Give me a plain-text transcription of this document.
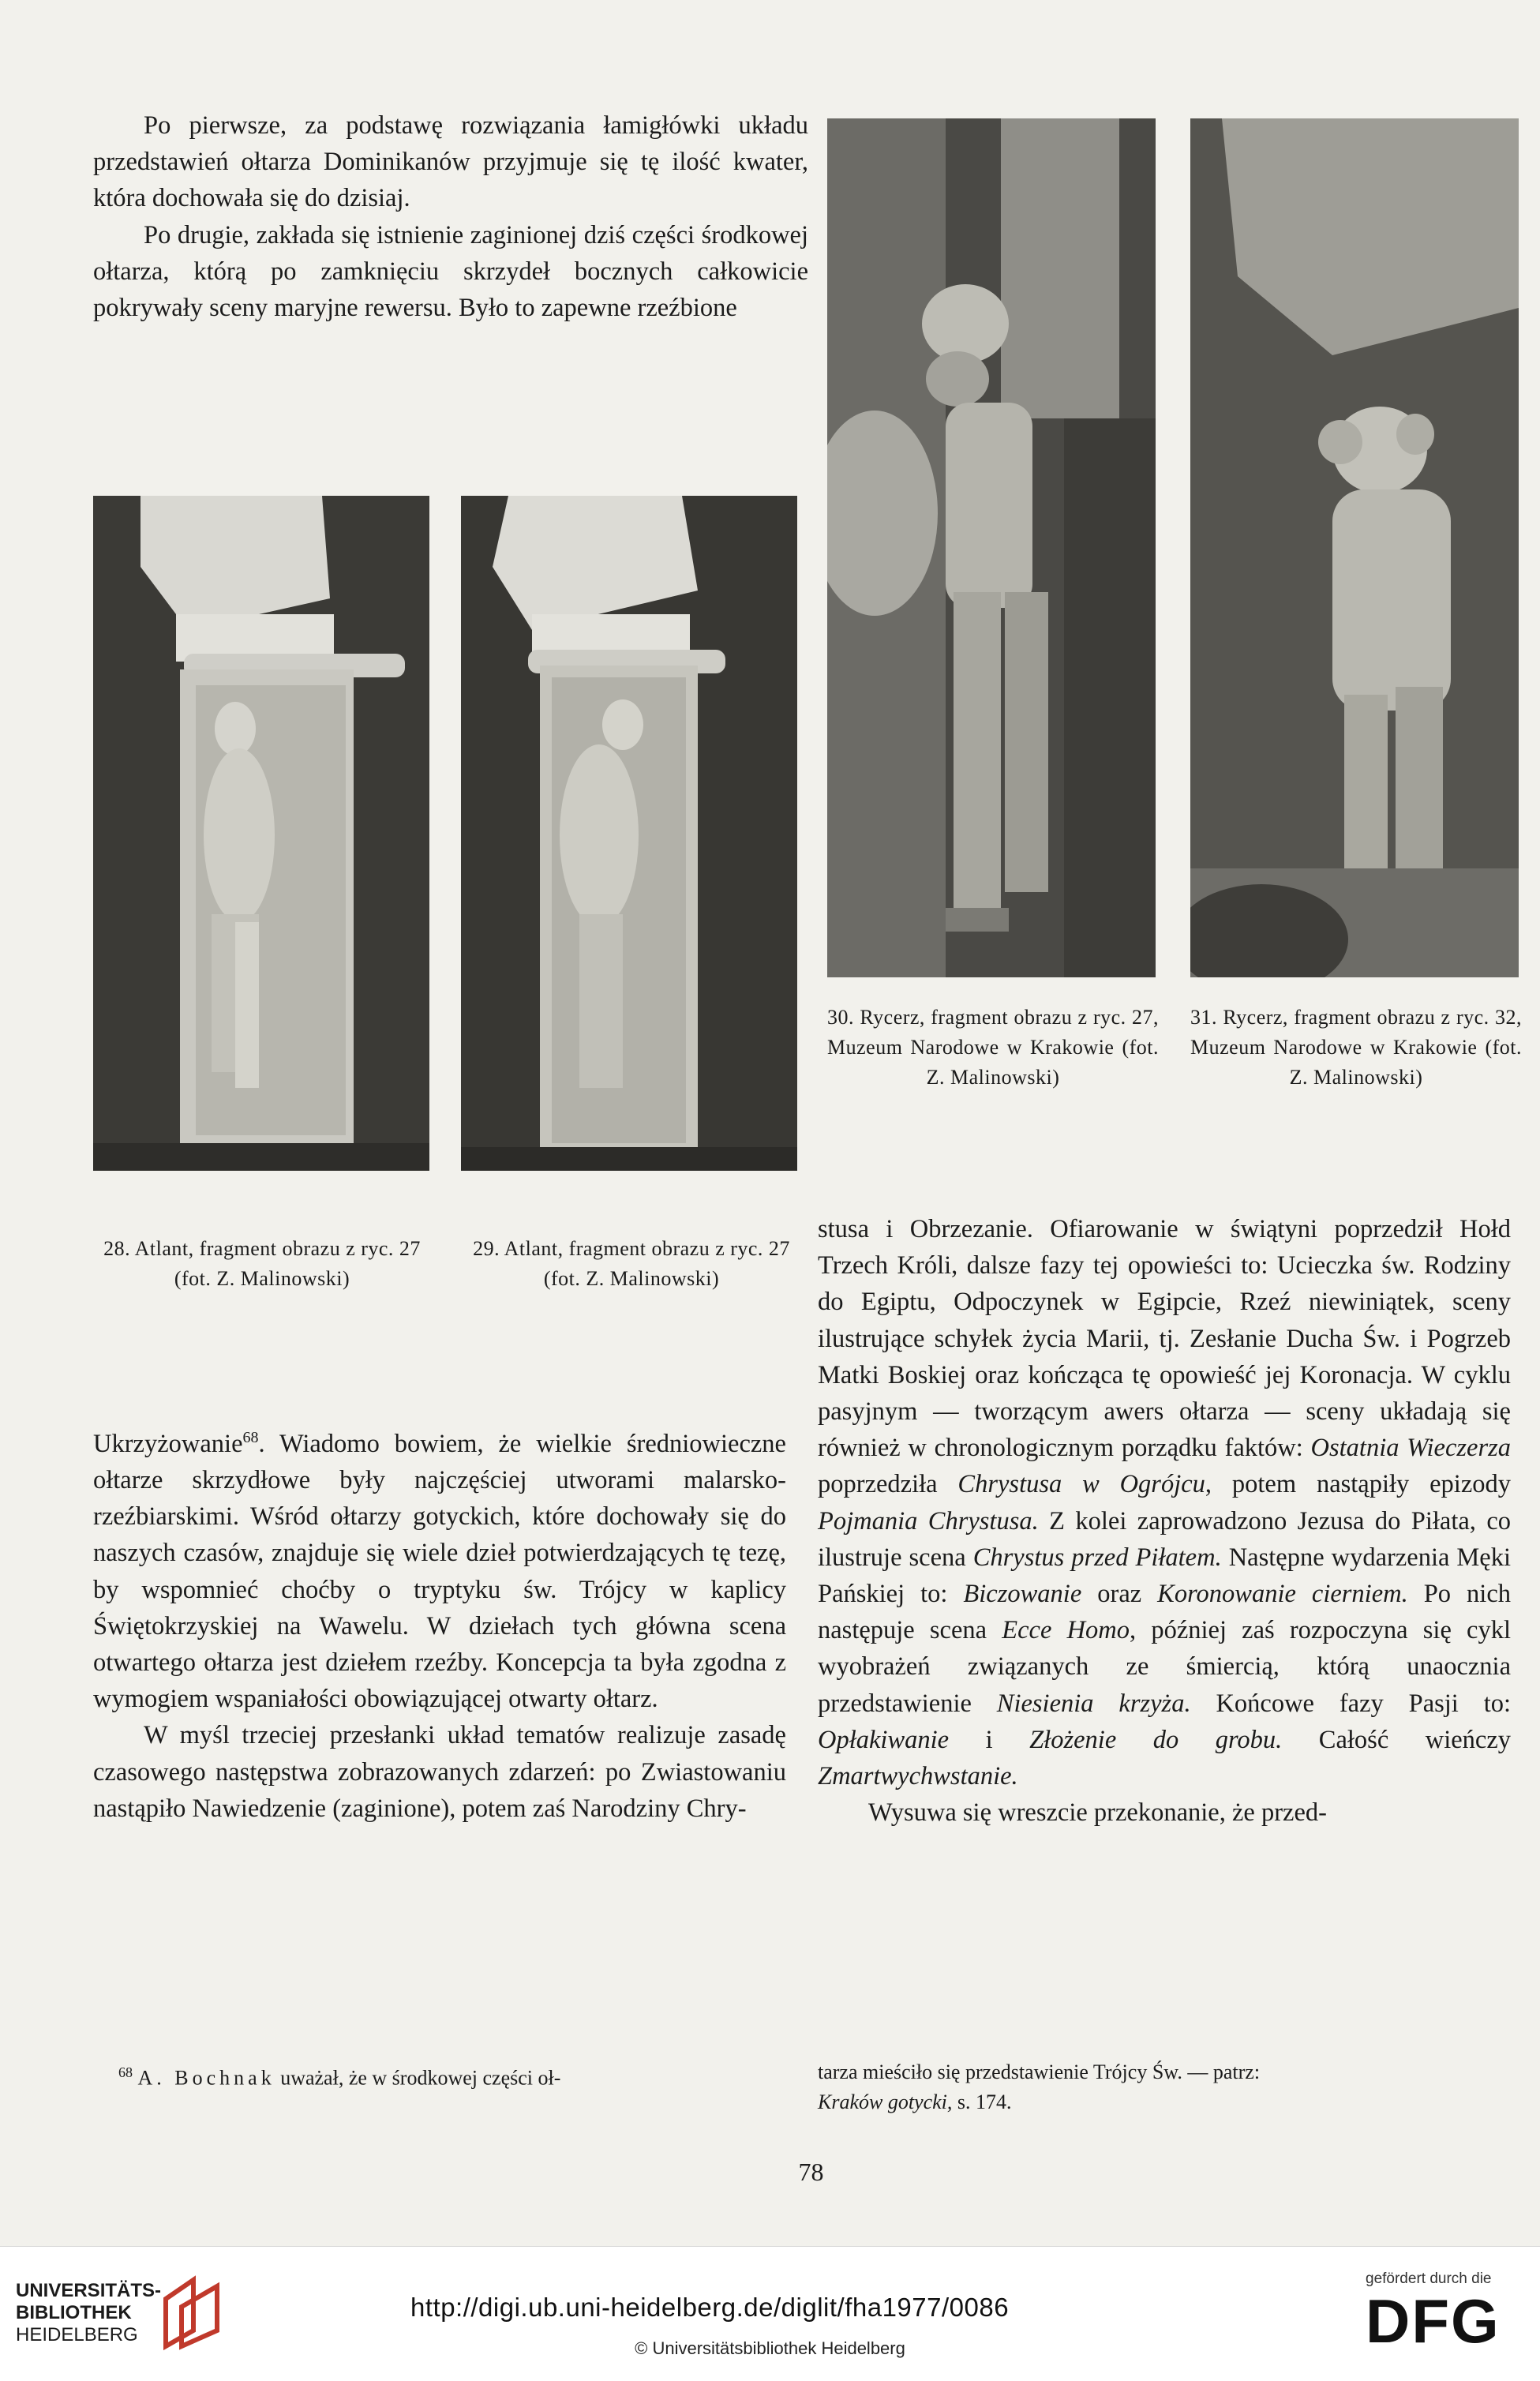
Po pierwsze, za podstawę rozwiązania łamigłówki układu przedstawień ołtarza Dominikanów przyjmuje się tę ilość kwater, która dochowała się do dzisiaj.

Po drugie, zakłada się istnienie zaginionej dziś części środkowej ołtarza, którą po zamknięciu skrzydeł bocznych całkowicie pokrywały sceny maryjne rewersu. Było to zapewne rzeźbione

28. Atlant, fragment obrazu z ryc. 27 (fot. Z. Malinowski)
29. Atlant, fragment obrazu z ryc. 27 (fot. Z. Malinowski)
30. Rycerz, fragment obrazu z ryc. 27, Muzeum Narodowe w Krakowie (fot. Z. Malinowski)
31. Rycerz, fragment obrazu z ryc. 32, Muzeum Narodowe w Krakowie (fot. Z. Malinowski)

Ukrzyżowanie$^{68}$. Wiadomo bowiem, że wielkie średniowieczne ołtarze skrzydłowe były najczęściej utworami malarsko-rzeźbiarskimi. Wśród ołtarzy gotyckich, które dochowały się do naszych czasów, znajduje się wiele dzieł potwierdzających tę tezę, by wspomnieć choćby o tryptyku św. Trójcy w kaplicy Świętokrzyskiej na Wawelu. W dziełach tych główna scena otwartego ołtarza jest dziełem rzeźby. Koncepcja ta była zgodna z wymogiem wspaniałości obowiązującej otwarty ołtarz.

W myśl trzeciej przesłanki układ tematów realizuje zasadę czasowego następstwa zobrazowanych zdarzeń: po Zwiastowaniu nastąpiło Nawiedzenie (zaginione), potem zaś Narodziny Chry-

stusa i Obrzezanie. Ofiarowanie w świątyni poprzedził Hołd Trzech Króli, dalsze fazy tej opowieści to: Ucieczka św. Rodziny do Egiptu, Odpoczynek w Egipcie, Rzeź niewiniątek, sceny ilustrujące schyłek życia Marii, tj. Zesłanie Ducha Św. i Pogrzeb Matki Boskiej oraz kończąca tę opowieść jej Koronacja. W cyklu pasyjnym — tworzącym awers ołtarza — sceny układają się również w chronologicznym porządku faktów: Ostatnia Wieczerza poprzedziła Chrystusa w Ogrójcu, potem nastąpiły epizody Pojmania Chrystusa. Z kolei zaprowadzono Jezusa do Piłata, co ilustruje scena Chrystus przed Piłatem. Następne wydarzenia Męki Pańskiej to: Biczowanie oraz Koronowanie cierniem. Po nich następuje scena Ecce Homo, później zaś rozpoczyna się cykl wyobrażeń związanych ze śmiercią, którą unaocznia przedstawienie Niesienia krzyża. Końcowe fazy Pasji to: Opłakiwanie i Złożenie do grobu. Całość wieńczy Zmartwychwstanie.

Wysuwa się wreszcie przekonanie, że przed-

$^{68}$ A. Bochnak uważał, że w środkowej części oł-	tarza mieściło się przedstawienie Trójcy Św. — patrz:
Kraków gotycki, s. 174.
78
UNIVERSITÄTS-
BIBLIOTHEK
HEIDELBERG
http://digi.ub.uni-heidelberg.de/diglit/fha1977/0086
© Universitätsbibliothek Heidelberg
gefördert durch die
DFG
